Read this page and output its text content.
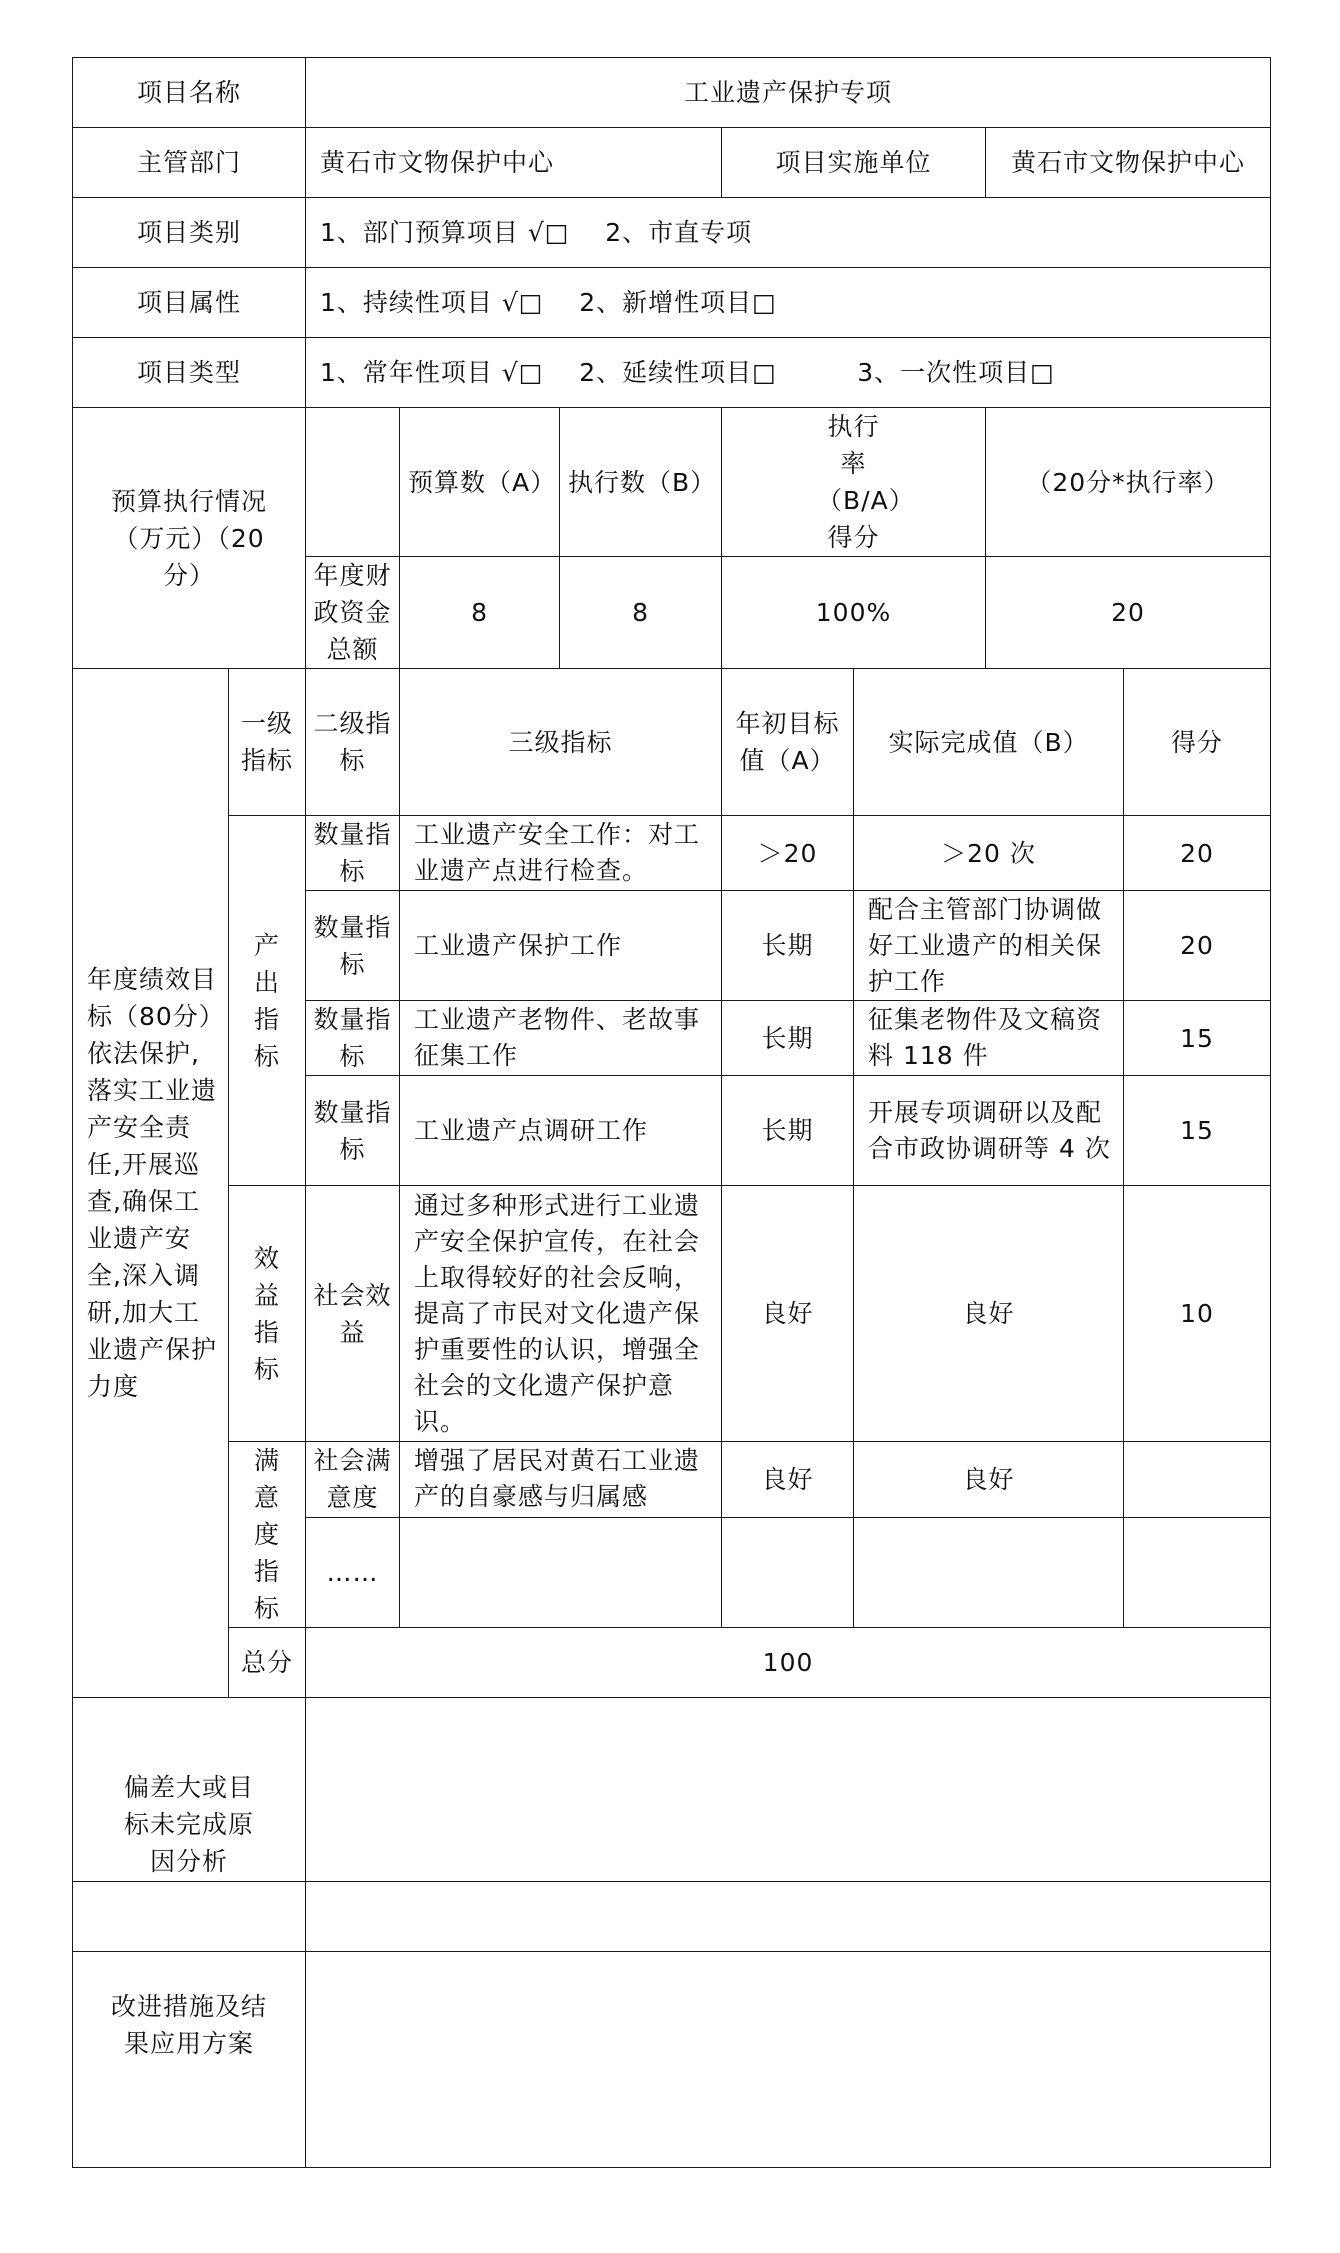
项目名称		工业遗产保护专项						
主管部门		黄石市文物保护中心			项目实施单位		黄石市文物保护中心	
项目类别		1、部门预算项目 √□    2、市直专项						
项目属性		1、持续性项目 √□    2、新增性项目□						
项目类型		1、常年性项目 √□    2、延续性项目□         3、一次性项目□						
预算执行情况（万元）（20分）			预算数（A）	执行数（B）	执行率（B/A）得分		（20分*执行率）	
		年度财政资金总额	8	8	100%		20	
年度绩效目标（80分）依法保护,落实工业遗产安全责任,开展巡查,确保工业遗产安全,深入调研,加大工业遗产保护力度	一级指标	二级指标	三级指标		年初目标值（A）	实际完成值（B）		得分
	产出指标	数量指标	工业遗产安全工作：对工业遗产点进行检查。		＞20	＞20 次		20
		数量指标	工业遗产保护工作		长期	配合主管部门协调做好工业遗产的相关保护工作		20
		数量指标	工业遗产老物件、老故事征集工作		长期	征集老物件及文稿资料 118 件		15
		数量指标	工业遗产点调研工作		长期	开展专项调研以及配合市政协调研等 4 次		15
	效益指标	社会效益	通过多种形式进行工业遗产安全保护宣传，在社会上取得较好的社会反响，提高了市民对文化遗产保护重要性的认识，增强全社会的文化遗产保护意识。		良好	良好		10
	满意度指标	社会满意度	增强了居民对黄石工业遗产的自豪感与归属感		良好	良好		
		……						
	总分	100						
偏差大或目标未完成原因分析								
改进措施及结果应用方案	
